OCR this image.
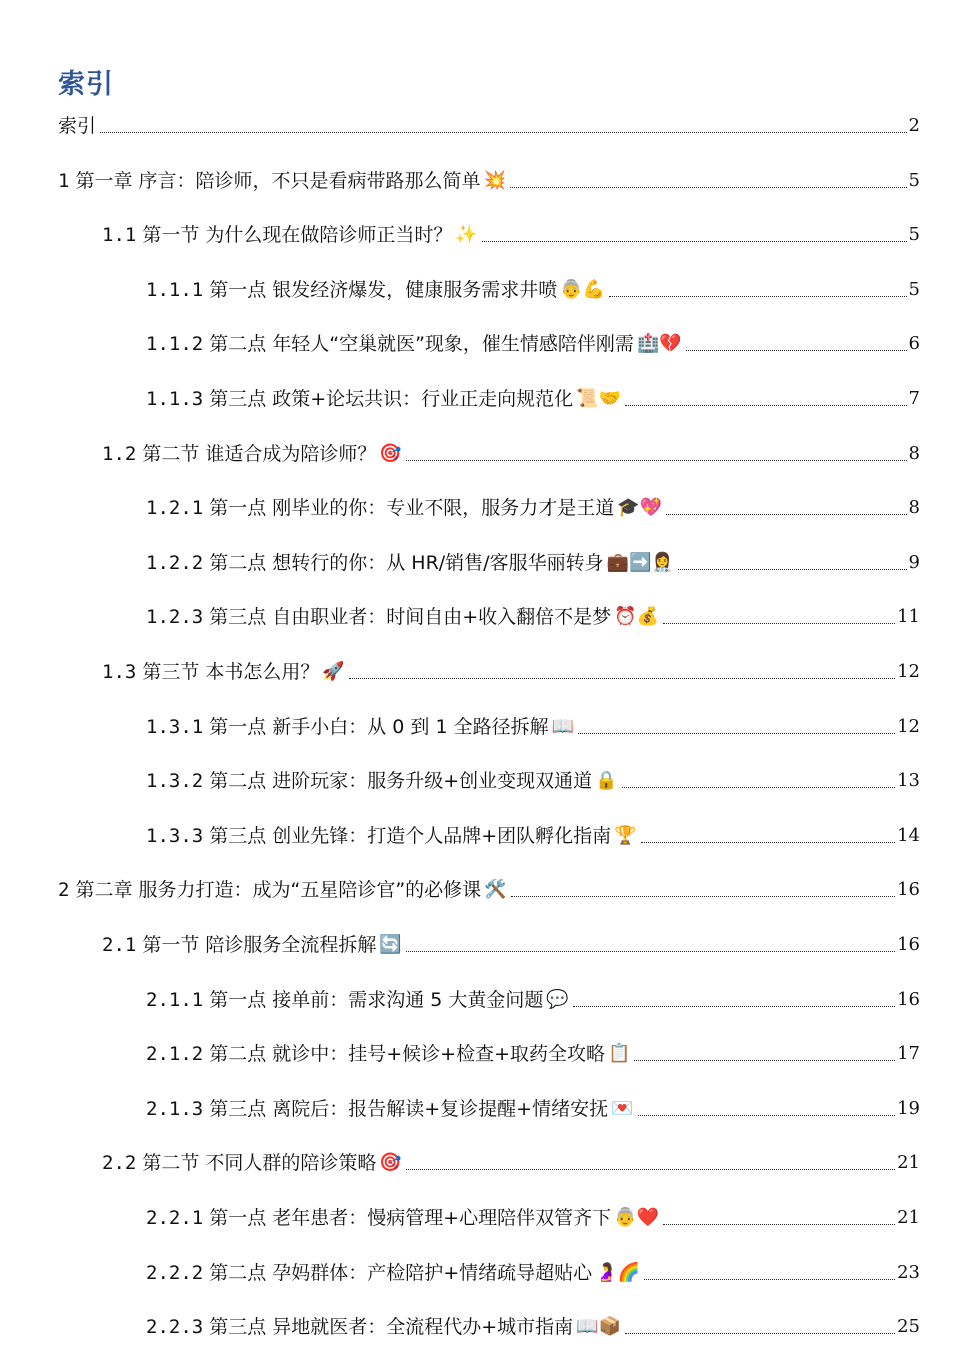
索引
索引	2
1 第一章 序言：陪诊师，不只是看病带路那么简单 💥	5
1.1 第一节 为什么现在做陪诊师正当时？ ✨	5
1.1.1 第一点 银发经济爆发，健康服务需求井喷 👵💪	5
1.1.2 第二点 年轻人“空巢就医”现象，催生情感陪伴刚需 🏥💔	6
1.1.3 第三点 政策+论坛共识：行业正走向规范化 📜🤝	7
1.2 第二节 谁适合成为陪诊师？ 🎯	8
1.2.1 第一点 刚毕业的你：专业不限，服务力才是王道 🎓💖	8
1.2.2 第二点 想转行的你：从 HR/销售/客服华丽转身 💼➡️👩‍⚕️	9
1.2.3 第三点 自由职业者：时间自由+收入翻倍不是梦 ⏰💰	11
1.3 第三节 本书怎么用？ 🚀	12
1.3.1 第一点 新手小白：从 0 到 1 全路径拆解 📖	12
1.3.2 第二点 进阶玩家：服务升级+创业变现双通道 🔒	13
1.3.3 第三点 创业先锋：打造个人品牌+团队孵化指南 🏆	14
2 第二章 服务力打造：成为“五星陪诊官”的必修课 🛠️	16
2.1 第一节 陪诊服务全流程拆解 🔄	16
2.1.1 第一点 接单前：需求沟通 5 大黄金问题 💬	16
2.1.2 第二点 就诊中：挂号+候诊+检查+取药全攻略 📋	17
2.1.3 第三点 离院后：报告解读+复诊提醒+情绪安抚 💌	19
2.2 第二节 不同人群的陪诊策略 🎯	21
2.2.1 第一点 老年患者：慢病管理+心理陪伴双管齐下 👵❤️	21
2.2.2 第二点 孕妈群体：产检陪护+情绪疏导超贴心 🤰🌈	23
2.2.3 第三点 异地就医者：全流程代办+城市指南 📖📦	25
